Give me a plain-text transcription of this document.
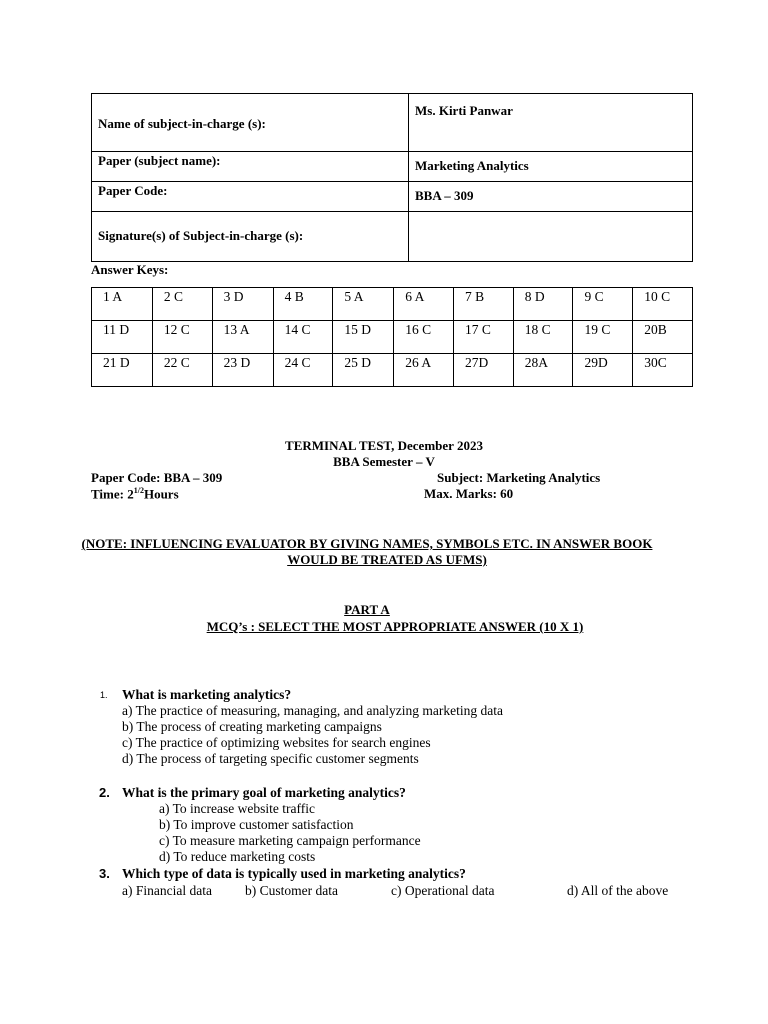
Name of subject-in-charge (s):	Ms. Kirti Panwar
Paper (subject name):	Marketing Analytics
Paper Code:	BBA – 309
Signature(s) of Subject-in-charge (s):	
Answer Keys:
1 A	2 C	3 D	4 B	5 A	6 A	7 B	8 D	9 C	10 C
11 D	12 C	13 A	14 C	15 D	16 C	17 C	18 C	19 C	20B
21 D	22 C	23 D	24 C	25 D	26 A	27D	28A	29D	30C
TERMINAL TEST, December 2023
BBA Semester – V
Paper Code: BBA – 309	Subject: Marketing Analytics
Time: $2^{1/2}Hours$	Max. Marks: 60
(NOTE: INFLUENCING EVALUATOR BY GIVING NAMES, SYMBOLS ETC. IN ANSWER BOOK
WOULD BE TREATED AS UFMS)
PART A
MCQ’s : SELECT THE MOST APPROPRIATE ANSWER (10 X 1)
1. What is marketing analytics?
a) The practice of measuring, managing, and analyzing marketing data
b) The process of creating marketing campaigns
c) The practice of optimizing websites for search engines
d) The process of targeting specific customer segments
2. What is the primary goal of marketing analytics?
a) To increase website traffic
b) To improve customer satisfaction
c) To measure marketing campaign performance
d) To reduce marketing costs
3. Which type of data is typically used in marketing analytics?
a) Financial data b) Customer data	c) Operational data	d) All of the above
